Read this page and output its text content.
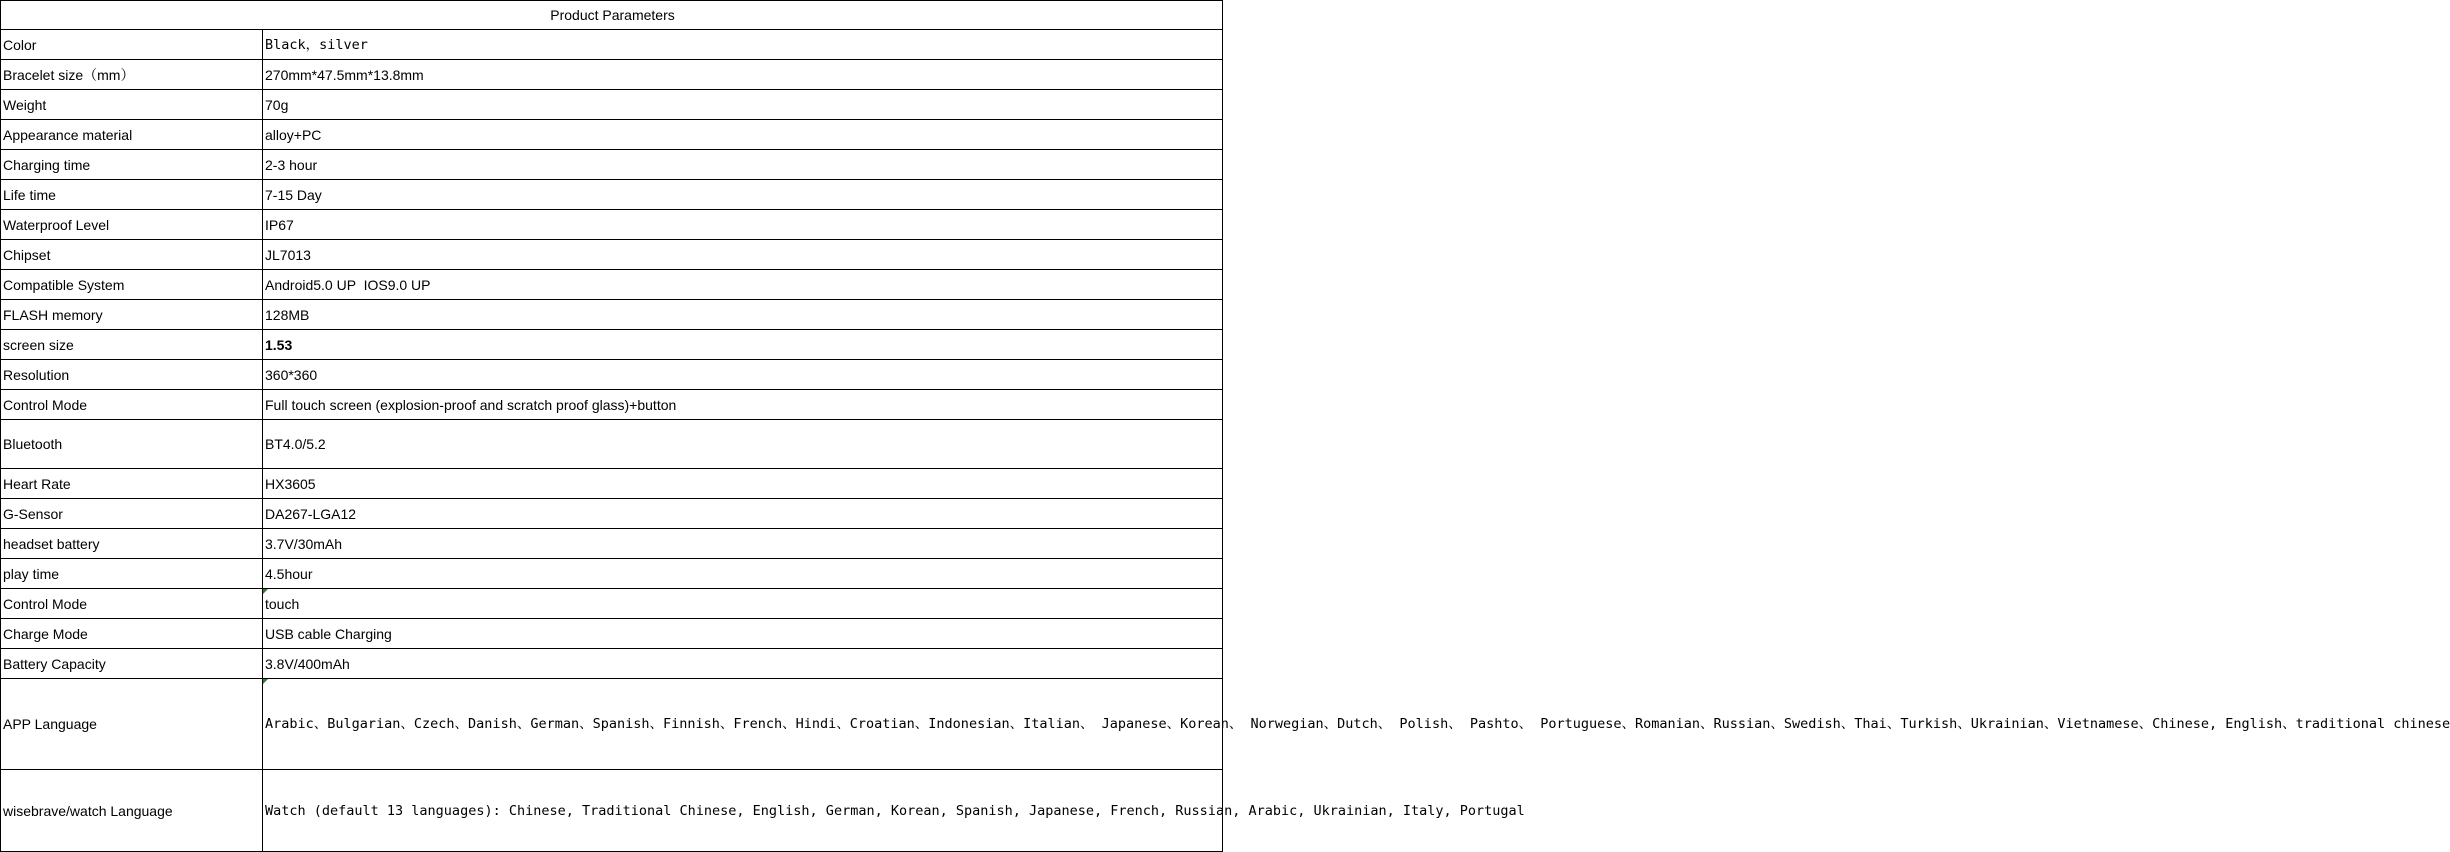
Product Parameters	
Color	Black，silver
Bracelet size（mm）	270mm*47.5mm*13.8mm
Weight	70g
Appearance material	alloy+PC
Charging time	2-3 hour
Life time	7-15 Day
Waterproof Level	IP67
Chipset	JL7013
Compatible System	Android5.0 UP  IOS9.0 UP
FLASH memory	128MB
screen size	1.53
Resolution	360*360
Control Mode	Full touch screen (explosion-proof and scratch proof glass)+button
Bluetooth	BT4.0/5.2
Heart Rate	HX3605
G-Sensor	DA267-LGA12
headset battery	3.7V/30mAh
play time	4.5hour
Control Mode	touch
Charge Mode	USB cable Charging
Battery Capacity	3.8V/400mAh
APP Language	Arabic、Bulgarian、Czech、Danish、German、Spanish、Finnish、French、Hindi、Croatian、Indonesian、Italian、 Japanese、Korean、 Norwegian、Dutch、 Polish、 Pashto、 Portuguese、Romanian、Russian、Swedish、Thai、Turkish、Ukrainian、Vietnamese、Chinese, English、traditional chinese
wisebrave/watch Language	Watch (default 13 languages): Chinese, Traditional Chinese, English, German, Korean, Spanish, Japanese, French, Russian, Arabic, Ukrainian, Italy, Portugal
